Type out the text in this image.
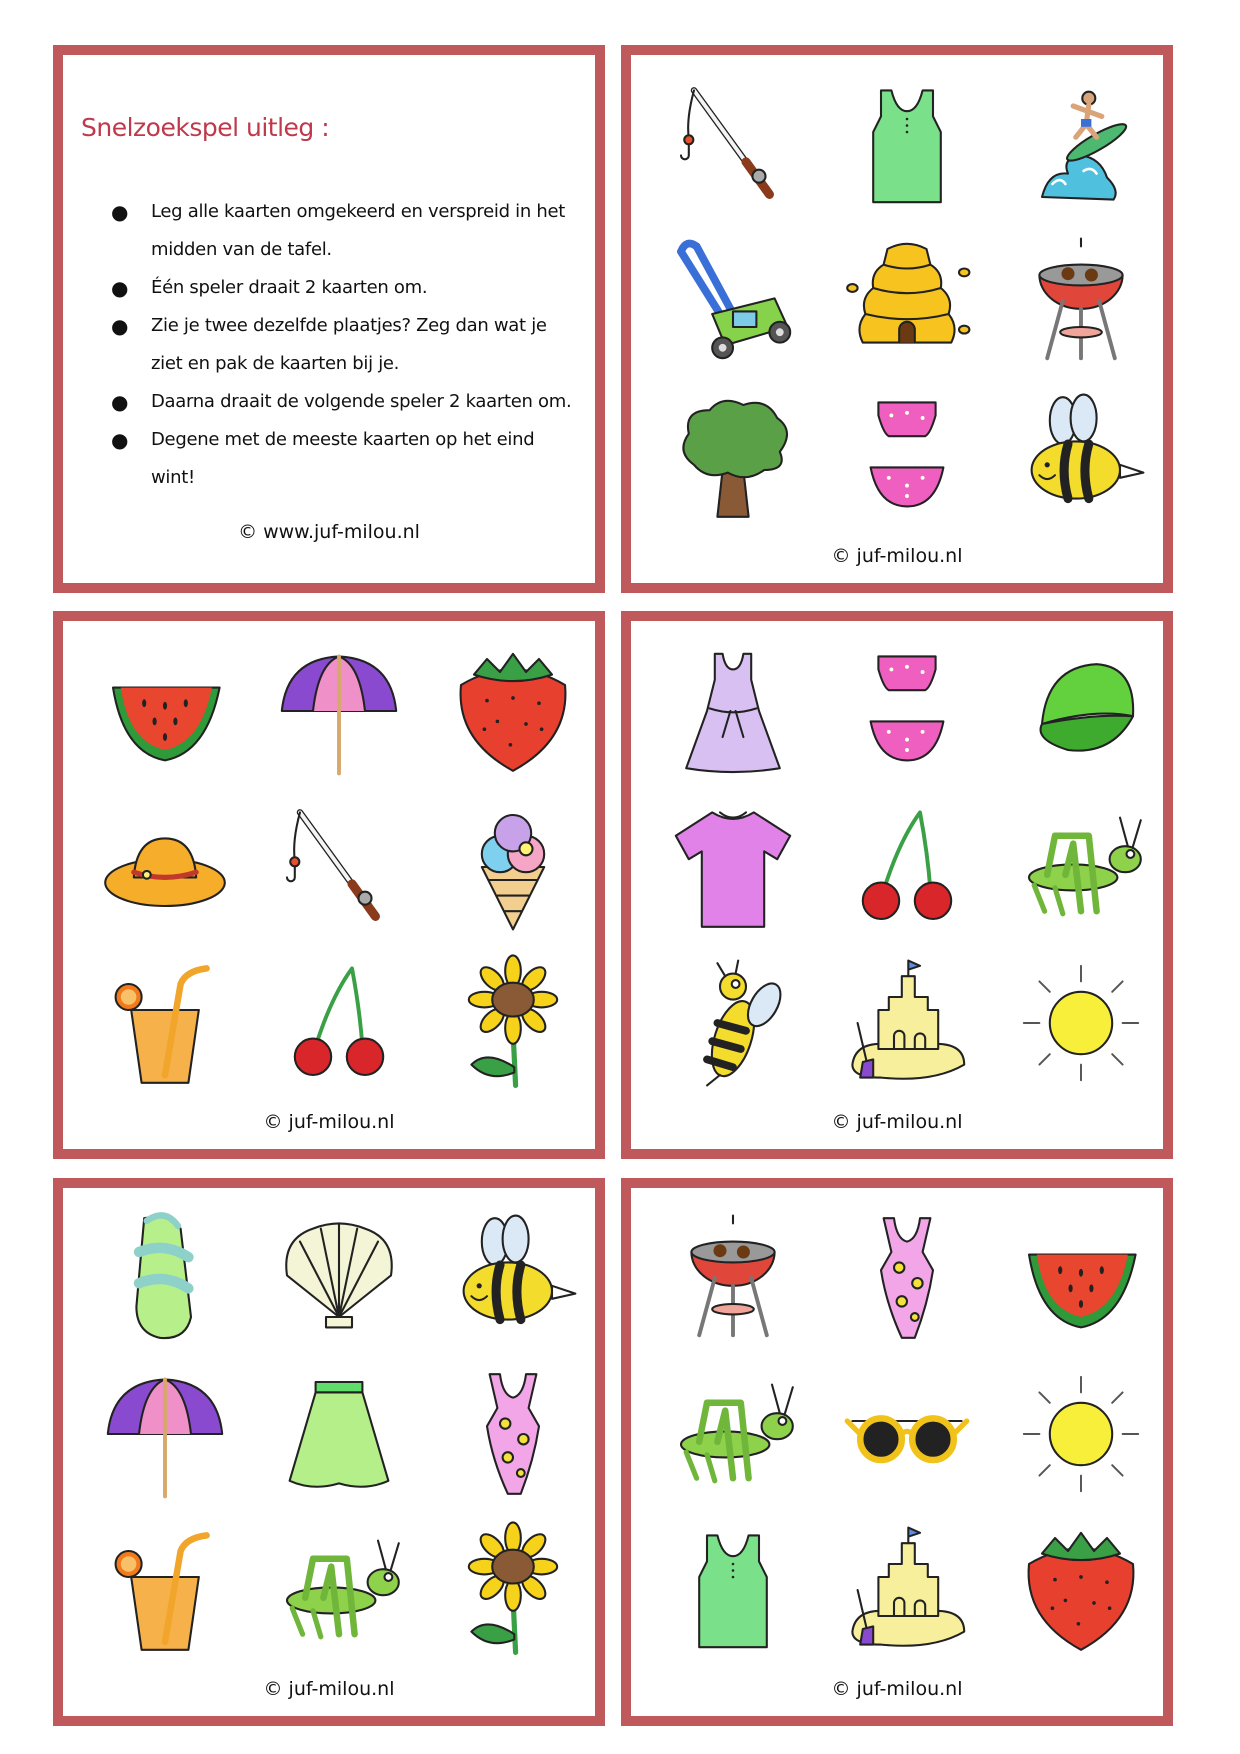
Snelzoekspel uitleg :
● Leg alle kaarten omgekeerd en verspreid in het midden van de tafel.
● Één speler draait 2 kaarten om.
● Zie je twee dezelfde plaatjes? Zeg dan wat je ziet en pak de kaarten bij je.
● Daarna draait de volgende speler 2 kaarten om.
● Degene met de meeste kaarten op het eind wint!
© www.juf-milou.nl
© juf-milou.nl
© juf-milou.nl	© juf-milou.nl
© juf-milou.nl	© juf-milou.nl
